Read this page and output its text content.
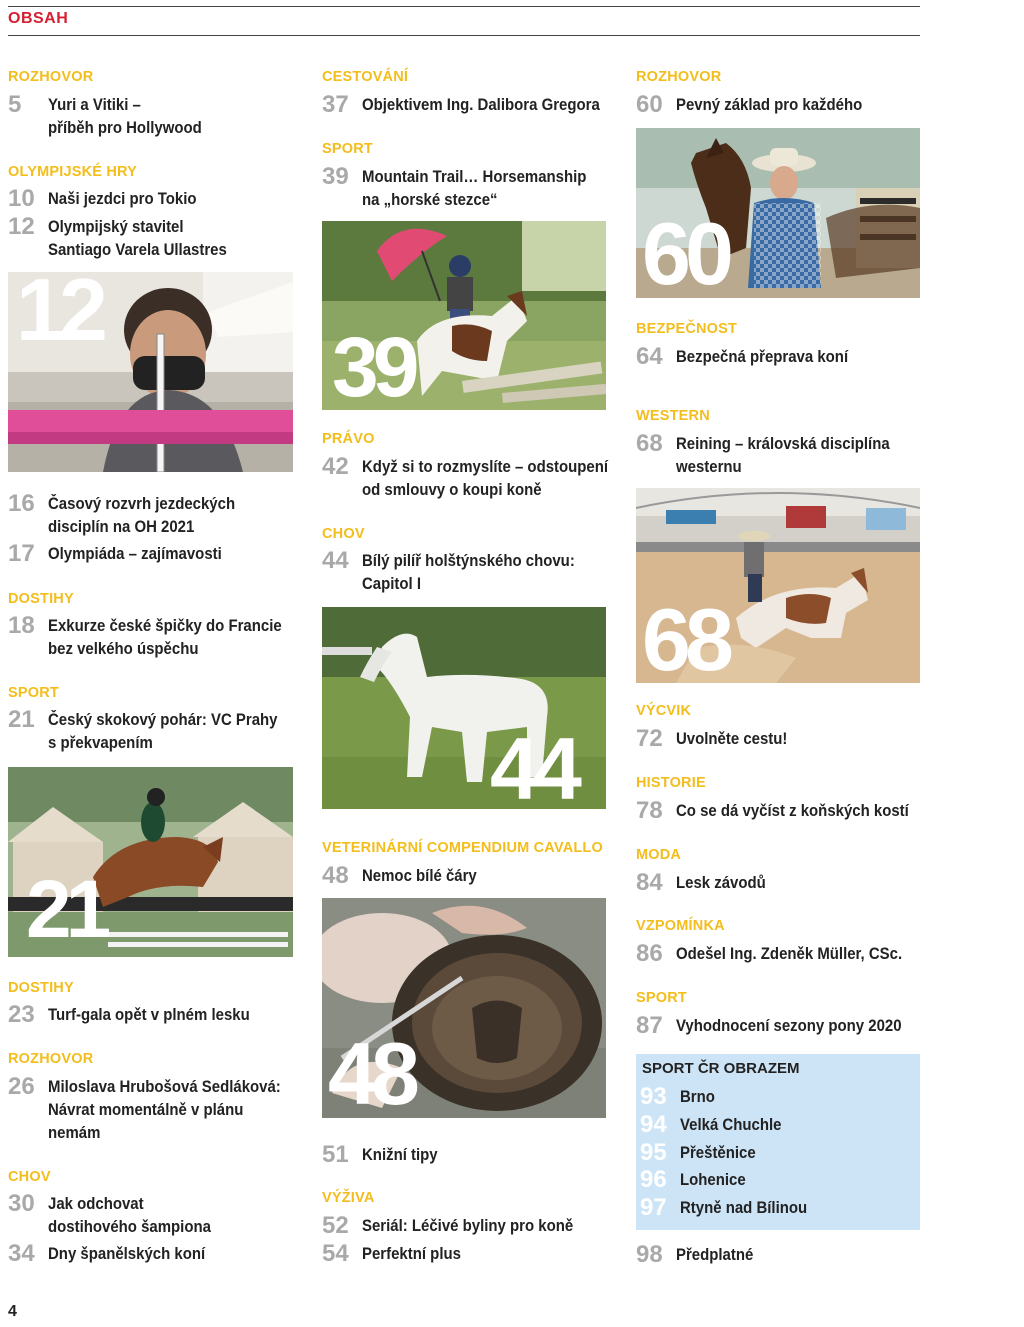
OBSAH
ROZHOVOR
5	Yuri a Vitiki –
příběh pro Hollywood
OLYMPIJSKÉ HRY
10 Naši jezdci pro Tokio
12 Olympijský stavitel
Santiago Varela Ullastres
12
16 Časový rozvrh jezdeckých
disciplín na OH 2021
17 Olympiáda – zajímavosti
DOSTIHY
18 Exkurze české špičky do Francie
bez velkého úspěchu
SPORT
21 Český skokový pohár: VC Prahy
s překvapením
21
DOSTIHY
23 Turf-gala opět v plném lesku
ROZHOVOR
26 Miloslava Hrubošová Sedláková:
Návrat momentálně v plánu
nemám
CHOV
30 Jak odchovat
dostihového šampiona
34 Dny španělských koní
CESTOVÁNÍ
37 Objektivem Ing. Dalibora Gregora
SPORT
39 Mountain Trail… Horsemanship
na „horské stezce“
39
PRÁVO
42 Když si to rozmyslíte – odstoupení
od smlouvy o koupi koně
CHOV
44 Bílý pilíř holštýnského chovu:
Capitol I
44
VETERINÁRNÍ COMPENDIUM CAVALLO
48 Nemoc bílé čáry
48
51 Knižní tipy
VÝŽIVA
52 Seriál: Léčivé byliny pro koně
54 Perfektní plus
ROZHOVOR
60 Pevný základ pro každého
60
BEZPEČNOST
64 Bezpečná přeprava koní
WESTERN
68 Reining – královská disciplína
westernu
68
VÝCVIK
72 Uvolněte cestu!
HISTORIE
78 Co se dá vyčíst z koňských kostí
MODA
84 Lesk závodů
VZPOMÍNKA
86 Odešel Ing. Zdeněk Müller, CSc.
SPORT
87 Vyhodnocení sezony pony 2020
SPORT ČR OBRAZEM
93 Brno
94 Velká Chuchle
95 Přeštěnice
96 Lohenice
97 Rtyně nad Bílinou
98 Předplatné
4
